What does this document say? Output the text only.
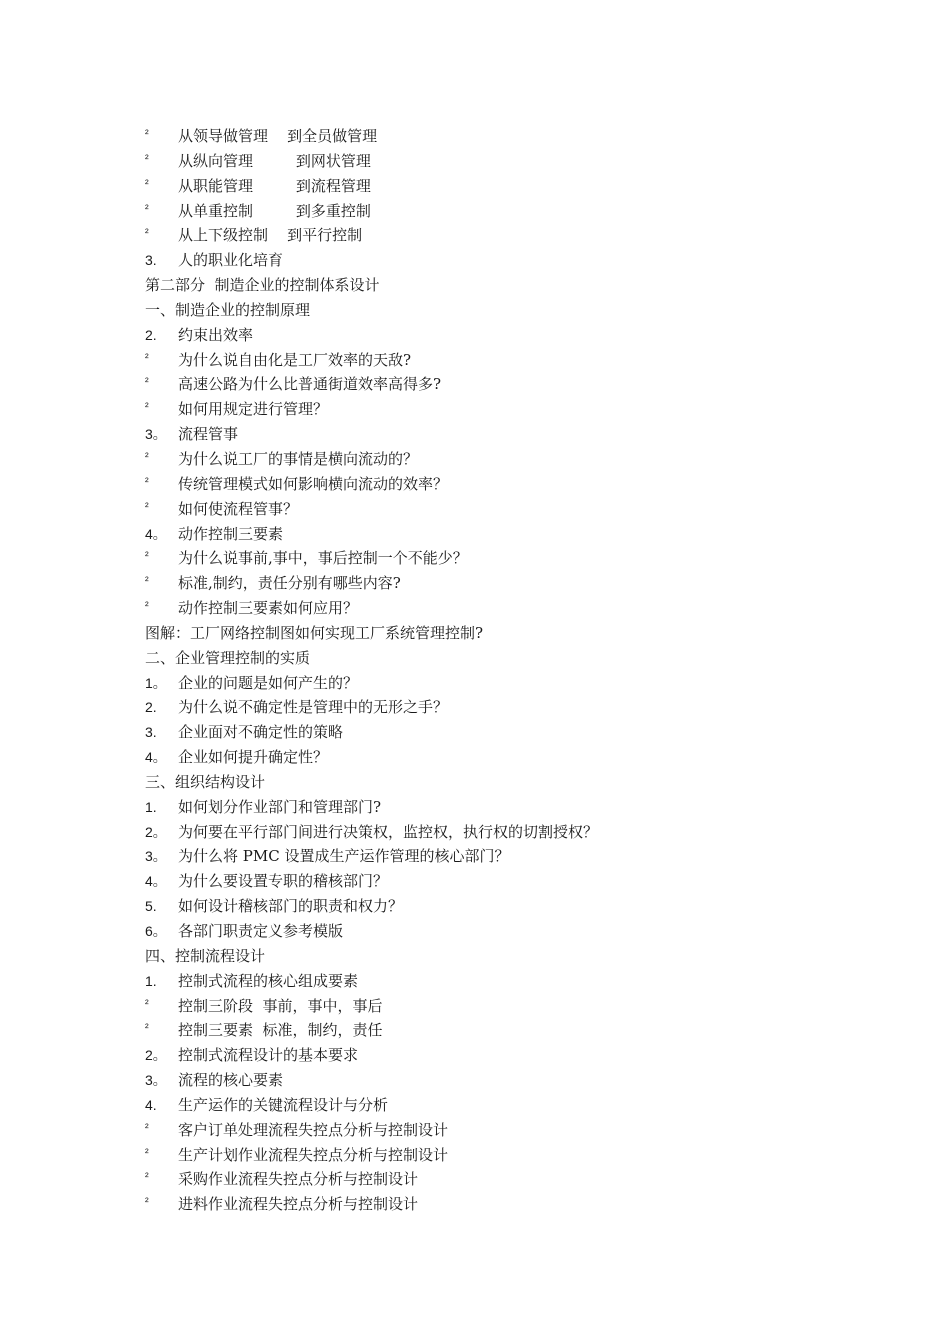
²	从领导做管理    到全员做管理
²	从纵向管理         到网状管理
²	从职能管理         到流程管理
²	从单重控制         到多重控制
²	从上下级控制    到平行控制
3.	人的职业化培育
第二部分  制造企业的控制体系设计
一、制造企业的控制原理
2.	约束出效率
²	为什么说自由化是工厂效率的天敌?
²	高速公路为什么比普通街道效率高得多?
²	如何用规定进行管理？
3。 流程管事
²	为什么说工厂的事情是横向流动的？
²	传统管理模式如何影响横向流动的效率？
²	如何使流程管事？
4。 动作控制三要素
²	为什么说事前,事中，事后控制一个不能少？
²	标准,制约，责任分别有哪些内容?
²	动作控制三要素如何应用？
图解：工厂网络控制图如何实现工厂系统管理控制?
二、企业管理控制的实质
1。 企业的问题是如何产生的？
2.	为什么说不确定性是管理中的无形之手？
3.	企业面对不确定性的策略
4。 企业如何提升确定性？
三、组织结构设计
1.	如何划分作业部门和管理部门?
2。 为何要在平行部门间进行决策权，监控权，执行权的切割授权？
3。 为什么将 PMC 设置成生产运作管理的核心部门？
4。 为什么要设置专职的稽核部门？
5.	如何设计稽核部门的职责和权力？
6。 各部门职责定义参考模版
四、控制流程设计
1.	控制式流程的核心组成要素
²	控制三阶段  事前，事中，事后
²	控制三要素  标准，制约，责任
2。 控制式流程设计的基本要求
3。 流程的核心要素
4.	生产运作的关键流程设计与分析
²	客户订单处理流程失控点分析与控制设计
²	生产计划作业流程失控点分析与控制设计
²	采购作业流程失控点分析与控制设计
²	进料作业流程失控点分析与控制设计
